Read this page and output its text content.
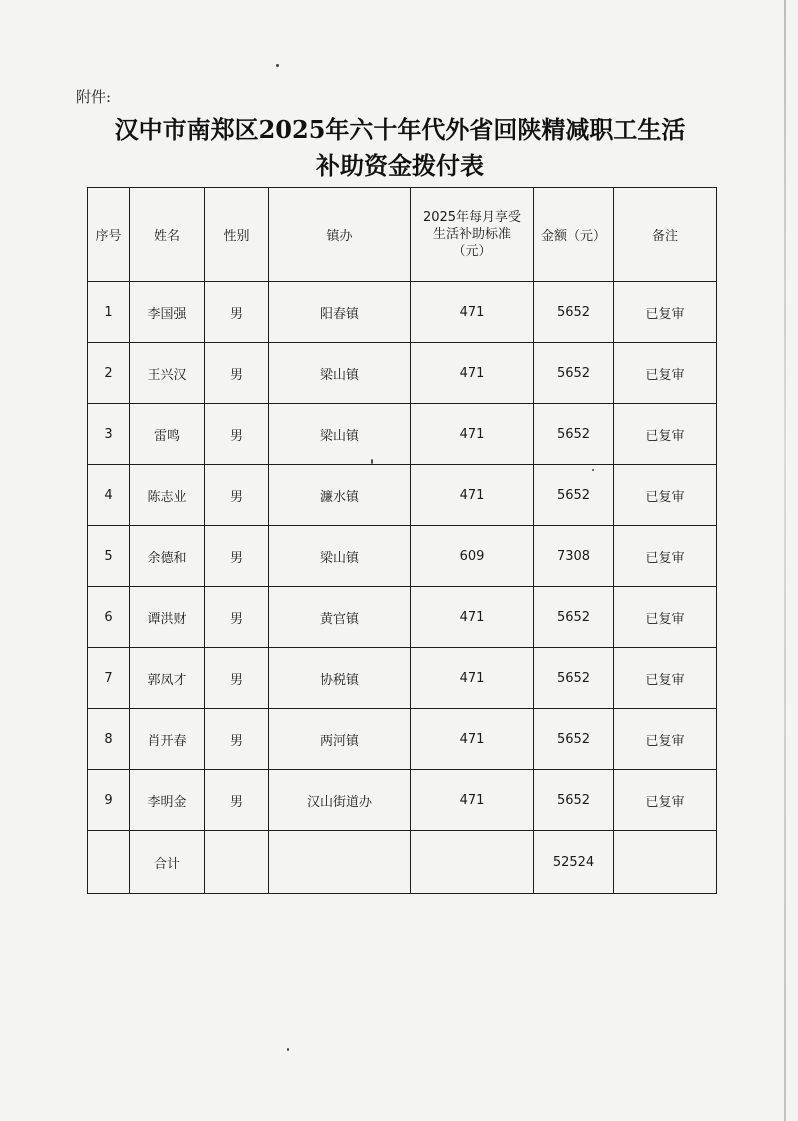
附件:
汉中市南郑区2025年六十年代外省回陕精减职工生活
补助资金拨付表
序号	姓名	性别	镇办	2025年每月享受生活补助标准（元）	金额（元）	备注
1	李国强	男	阳春镇	471	5652	已复审
2	王兴汉	男	梁山镇	471	5652	已复审
3	雷鸣	男	梁山镇	471	5652	已复审
4	陈志业	男	濂水镇	471	5652	已复审
5	余德和	男	梁山镇	609	7308	已复审
6	谭洪财	男	黄官镇	471	5652	已复审
7	郭凤才	男	协税镇	471	5652	已复审
8	肖开春	男	两河镇	471	5652	已复审
9	李明金	男	汉山街道办	471	5652	已复审
	合计				52524	
